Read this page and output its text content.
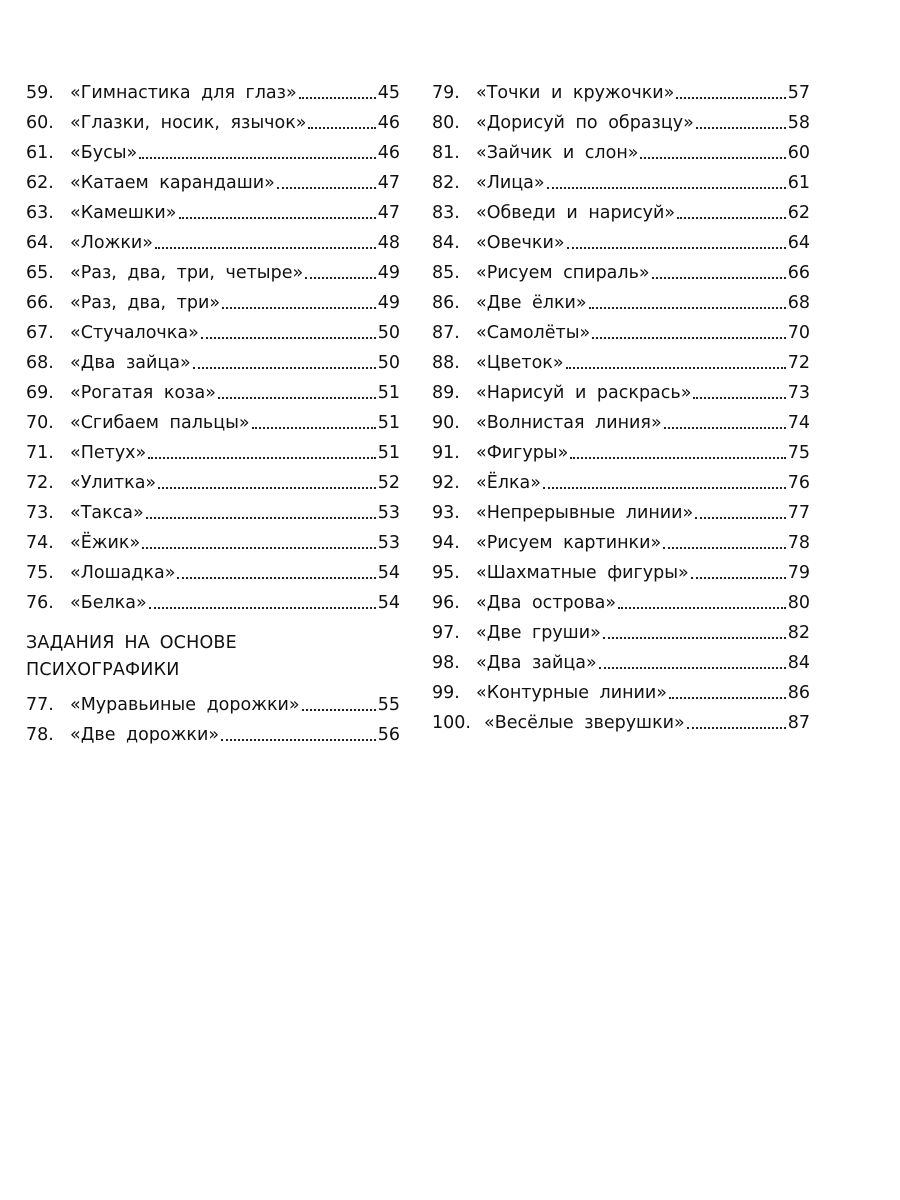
59. «Гимнастика для глаз»	45
60. «Глазки, носик, язычок»	46
61. «Бусы»	46
62. «Катаем карандаши»	47
63. «Камешки»	47
64. «Ложки»	48
65. «Раз, два, три, четыре»	49
66. «Раз, два, три»	49
67. «Стучалочка»	50
68. «Два зайца»	50
69. «Рогатая коза»	51
70. «Сгибаем пальцы»	51
71. «Петух»	51
72. «Улитка»	52
73. «Такса»	53
74. «Ёжик»	53
75. «Лошадка»	54
76. «Белка»	54
ЗАДАНИЯ НА ОСНОВЕ
ПСИХОГРАФИКИ
77. «Муравьиные дорожки»	55
78. «Две дорожки»	56
79. «Точки и кружочки»	57
80. «Дорисуй по образцу»	58
81. «Зайчик и слон»	60
82. «Лица»	61
83. «Обведи и нарисуй»	62
84. «Овечки»	64
85. «Рисуем спираль»	66
86. «Две ёлки»	68
87. «Самолёты»	70
88. «Цветок»	72
89. «Нарисуй и раскрась»	73
90. «Волнистая линия»	74
91. «Фигуры»	75
92. «Ёлка»	76
93. «Непрерывные линии»	77
94. «Рисуем картинки»	78
95. «Шахматные фигуры»	79
96. «Два острова»	80
97. «Две груши»	82
98. «Два зайца»	84
99. «Контурные линии»	86
100. «Весёлые зверушки»	87
